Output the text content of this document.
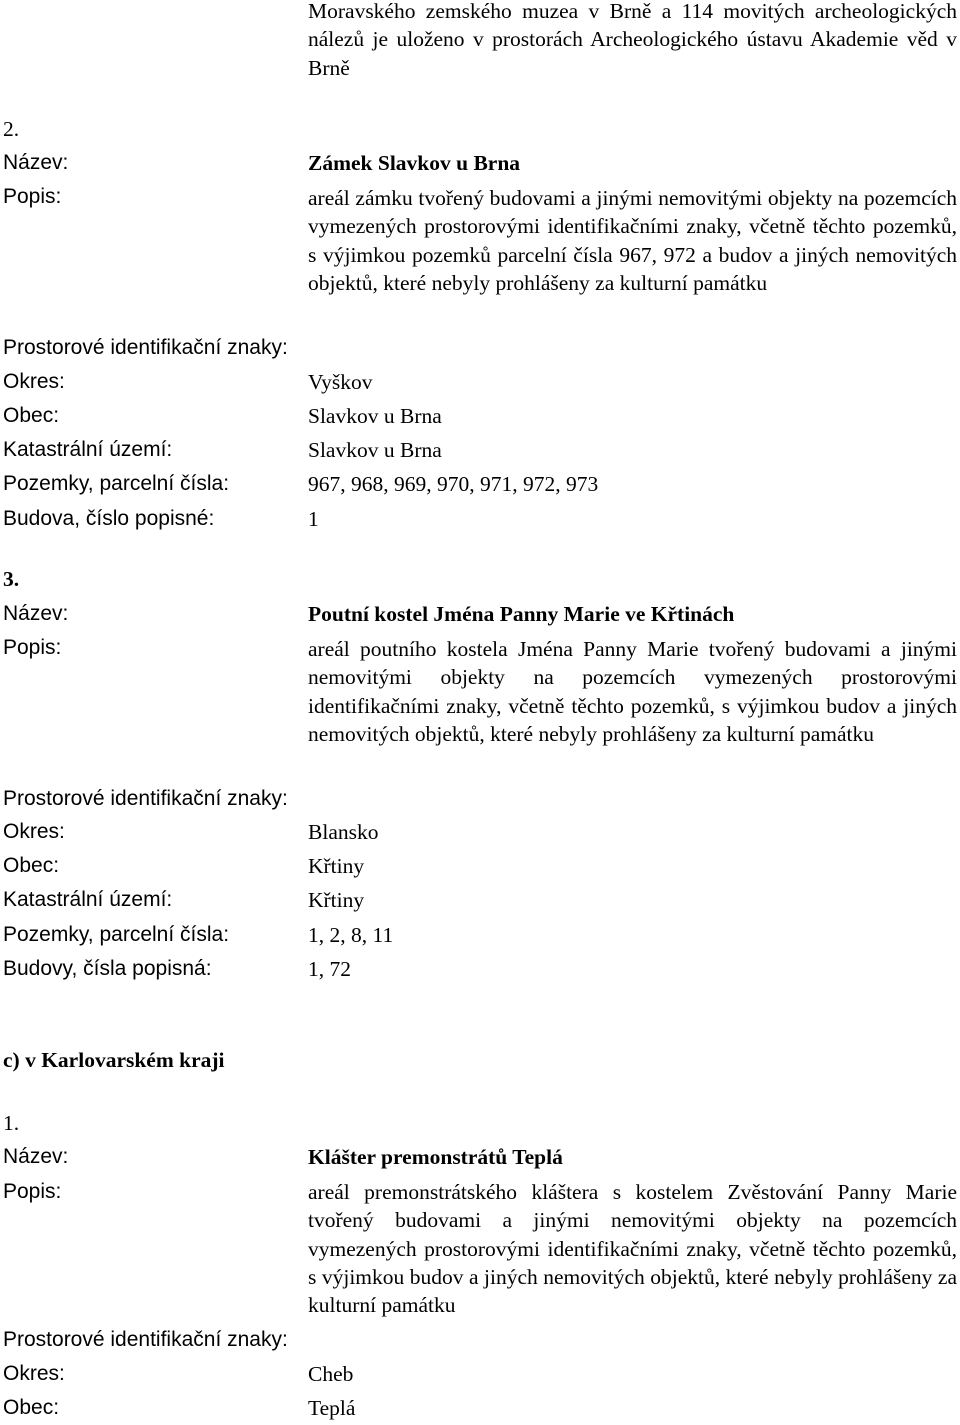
Moravského zemského muzea v Brně a 114 movitých archeologických nálezů je uloženo v prostorách Archeologického ústavu Akademie věd v Brně
2.
Název:	Zámek Slavkov u Brna
Popis:	areál zámku tvořený budovami a jinými nemovitými objekty na pozemcích vymezených prostorovými identifikačními znaky, včetně těchto pozemků, s výjimkou pozemků parcelní čísla 967, 972 a budov a jiných nemovitých objektů, které nebyly prohlášeny za kulturní památku
Prostorové identifikační znaky:
Okres:	Vyškov
Obec:	Slavkov u Brna
Katastrální území:	Slavkov u Brna
Pozemky, parcelní čísla:	967, 968, 969, 970, 971, 972, 973
Budova, číslo popisné:	1
3.
Název:	Poutní kostel Jména Panny Marie ve Křtinách
Popis:	areál poutního kostela Jména Panny Marie tvořený budovami a jinými nemovitými objekty na pozemcích vymezených prostorovými identifikačními znaky, včetně těchto pozemků, s výjimkou budov a jiných nemovitých objektů, které nebyly prohlášeny za kulturní památku
Prostorové identifikační znaky:
Okres:	Blansko
Obec:	Křtiny
Katastrální území:	Křtiny
Pozemky, parcelní čísla:	1, 2, 8, 11
Budovy, čísla popisná:	1, 72
c) v Karlovarském kraji
1.
Název:	Klášter premonstrátů Teplá
Popis:	areál premonstrátského kláštera s kostelem Zvěstování Panny Marie tvořený budovami a jinými nemovitými objekty na pozemcích vymezených prostorovými identifikačními znaky, včetně těchto pozemků, s výjimkou budov a jiných nemovitých objektů, které nebyly prohlášeny za kulturní památku
Prostorové identifikační znaky:
Okres:	Cheb
Obec:	Teplá
